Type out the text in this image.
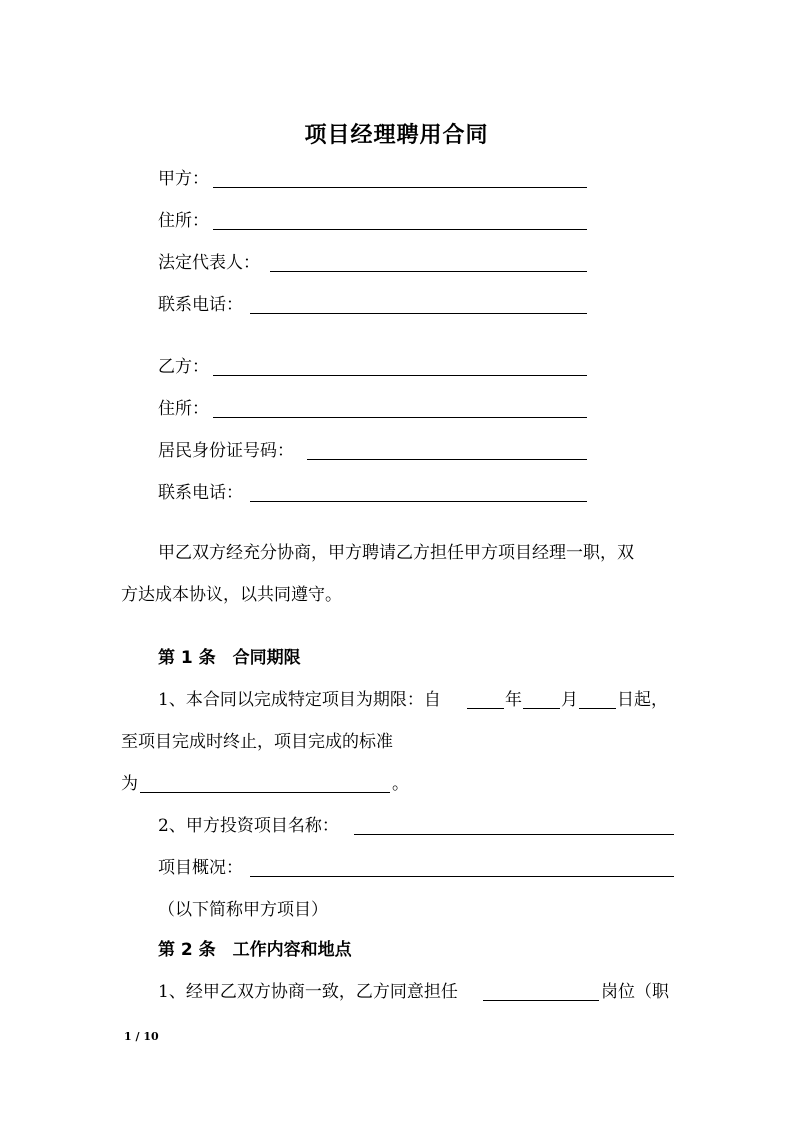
项目经理聘用合同
甲方：
住所：
法定代表人：
联系电话：
乙方：
住所：
居民身份证号码：
联系电话：
甲乙双方经充分协商，甲方聘请乙方担任甲方项目经理一职，双
方达成本协议，以共同遵守。
第 1 条　合同期限
1、本合同以完成特定项目为期限：自	年 月 日起，
至项目完成时终止，项目完成的标准
为	。
2、甲方投资项目名称：
项目概况：
（以下简称甲方项目）
第 2 条　工作内容和地点
1、经甲乙双方协商一致，乙方同意担任	岗位（职
1 / 10
